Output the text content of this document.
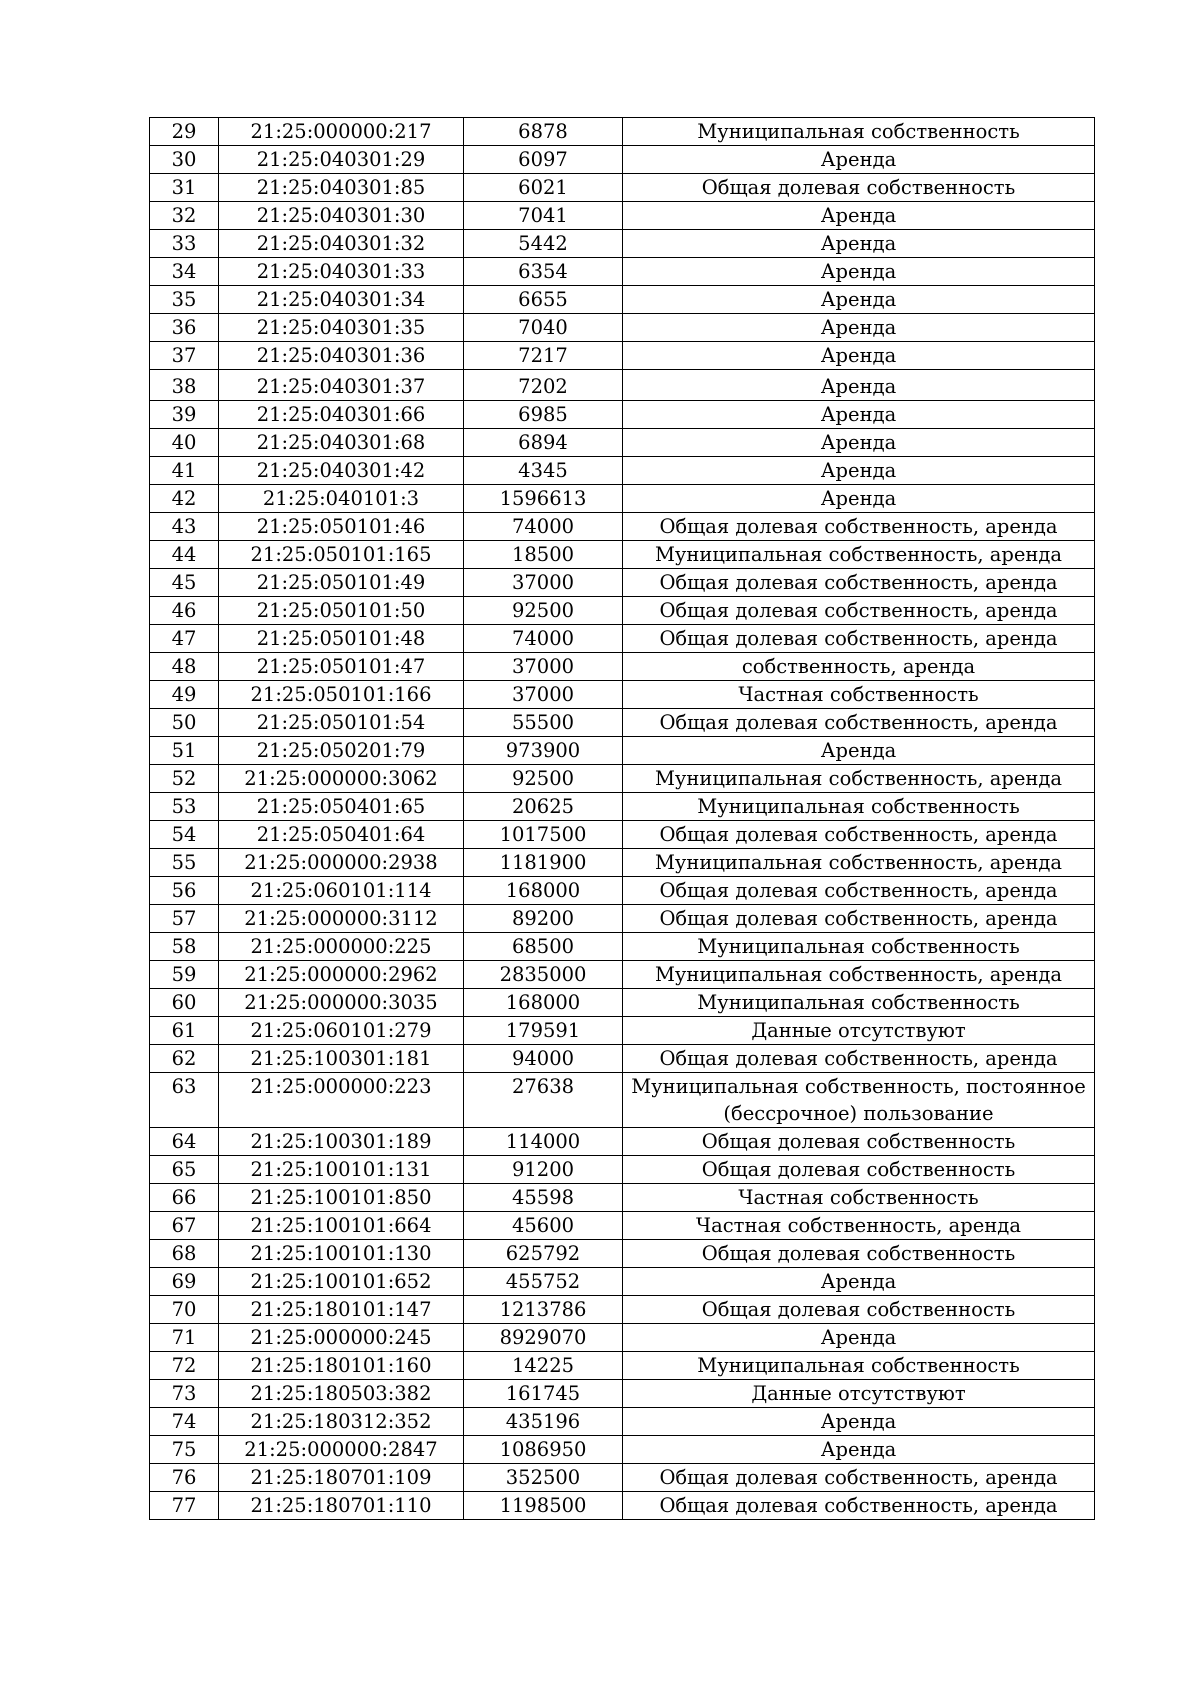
29	21:25:000000:217	6878	Муниципальная собственность
30	21:25:040301:29	6097	Аренда
31	21:25:040301:85	6021	Общая долевая собственность
32	21:25:040301:30	7041	Аренда
33	21:25:040301:32	5442	Аренда
34	21:25:040301:33	6354	Аренда
35	21:25:040301:34	6655	Аренда
36	21:25:040301:35	7040	Аренда
37	21:25:040301:36	7217	Аренда
38	21:25:040301:37	7202	Аренда
39	21:25:040301:66	6985	Аренда
40	21:25:040301:68	6894	Аренда
41	21:25:040301:42	4345	Аренда
42	21:25:040101:3	1596613	Аренда
43	21:25:050101:46	74000	Общая долевая собственность, аренда
44	21:25:050101:165	18500	Муниципальная собственность, аренда
45	21:25:050101:49	37000	Общая долевая собственность, аренда
46	21:25:050101:50	92500	Общая долевая собственность, аренда
47	21:25:050101:48	74000	Общая долевая собственность, аренда
48	21:25:050101:47	37000	собственность, аренда
49	21:25:050101:166	37000	Частная собственность
50	21:25:050101:54	55500	Общая долевая собственность, аренда
51	21:25:050201:79	973900	Аренда
52	21:25:000000:3062	92500	Муниципальная собственность, аренда
53	21:25:050401:65	20625	Муниципальная собственность
54	21:25:050401:64	1017500	Общая долевая собственность, аренда
55	21:25:000000:2938	1181900	Муниципальная собственность, аренда
56	21:25:060101:114	168000	Общая долевая собственность, аренда
57	21:25:000000:3112	89200	Общая долевая собственность, аренда
58	21:25:000000:225	68500	Муниципальная собственность
59	21:25:000000:2962	2835000	Муниципальная собственность, аренда
60	21:25:000000:3035	168000	Муниципальная собственность
61	21:25:060101:279	179591	Данные отсутствуют
62	21:25:100301:181	94000	Общая долевая собственность, аренда
63	21:25:000000:223	27638	Муниципальная собственность, постоянное (бессрочное) пользование
64	21:25:100301:189	114000	Общая долевая собственность
65	21:25:100101:131	91200	Общая долевая собственность
66	21:25:100101:850	45598	Частная собственность
67	21:25:100101:664	45600	Частная собственность, аренда
68	21:25:100101:130	625792	Общая долевая собственность
69	21:25:100101:652	455752	Аренда
70	21:25:180101:147	1213786	Общая долевая собственность
71	21:25:000000:245	8929070	Аренда
72	21:25:180101:160	14225	Муниципальная собственность
73	21:25:180503:382	161745	Данные отсутствуют
74	21:25:180312:352	435196	Аренда
75	21:25:000000:2847	1086950	Аренда
76	21:25:180701:109	352500	Общая долевая собственность, аренда
77	21:25:180701:110	1198500	Общая долевая собственность, аренда
